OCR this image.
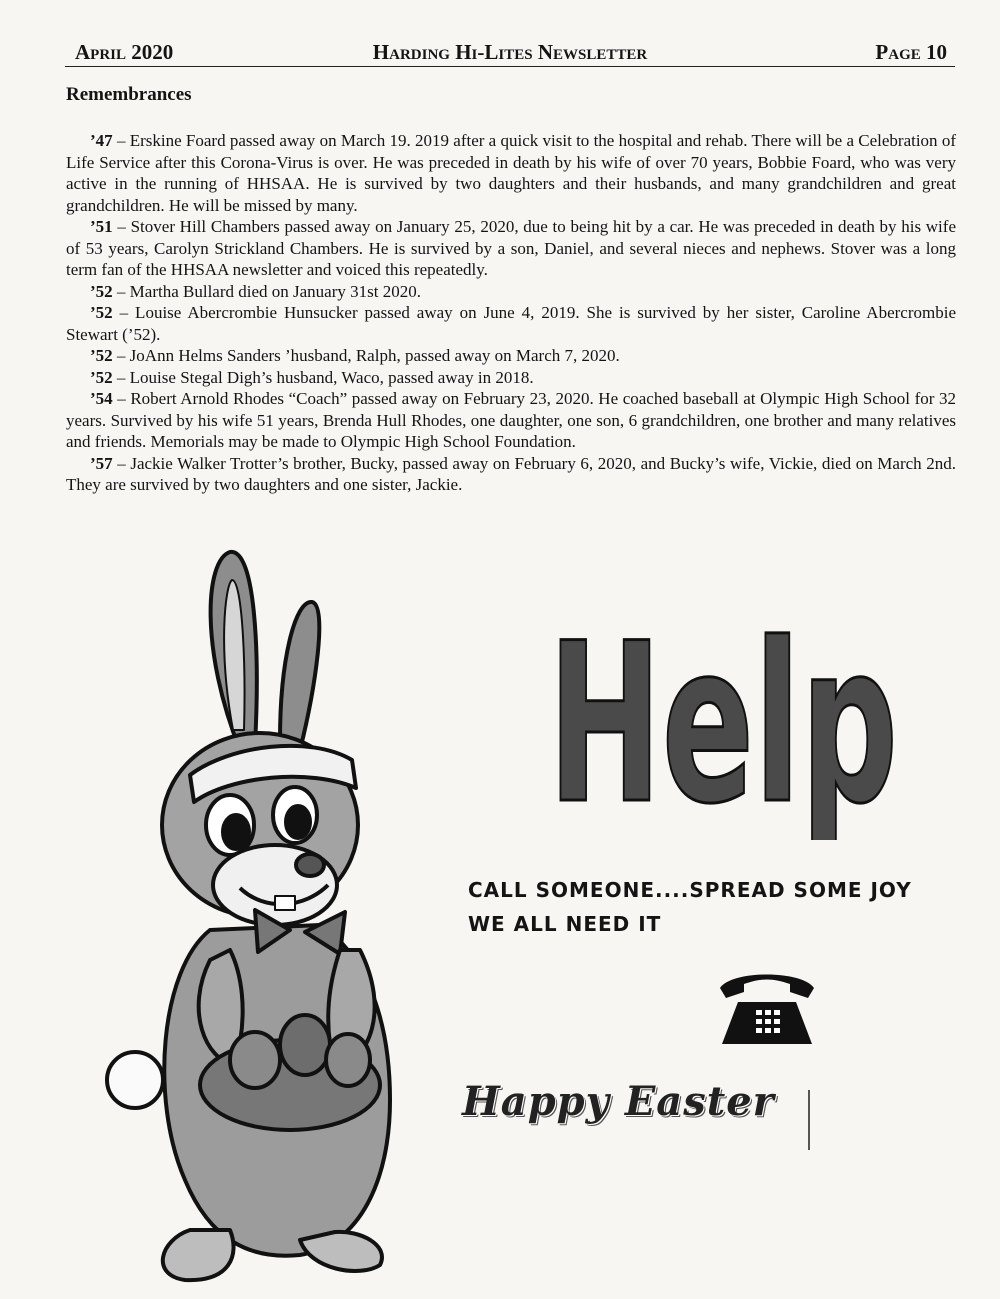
April 2020	Harding Hi-Lites Newsletter	Page 10
Remembrances

’47 – Erskine Foard passed away on March 19. 2019 after a quick visit to the hospital and rehab. There will be a Celebration of Life Service after this Corona-Virus is over. He was preceded in death by his wife of over 70 years, Bobbie Foard, who was very active in the running of HHSAA. He is survived by two daughters and their husbands, and many grandchildren and great grandchildren. He will be missed by many.

’51 – Stover Hill Chambers passed away on January 25, 2020, due to being hit by a car. He was preceded in death by his wife of 53 years, Carolyn Strickland Chambers. He is survived by a son, Daniel, and several nieces and nephews. Stover was a long term fan of the HHSAA newsletter and voiced this repeatedly.

’52 – Martha Bullard died on January 31st 2020.

’52 – Louise Abercrombie Hunsucker passed away on June 4, 2019. She is survived by her sister, Caroline Abercrombie Stewart (’52).

’52 – JoAnn Helms Sanders ’husband, Ralph, passed away on March 7, 2020.

’52 – Louise Stegal Digh’s husband, Waco, passed away in 2018.

’54 – Robert Arnold Rhodes “Coach” passed away on February 23, 2020. He coached baseball at Olympic High School for 32 years. Survived by his wife 51 years, Brenda Hull Rhodes, one daughter, one son, 6 grandchildren, one brother and many relatives and friends. Memorials may be made to Olympic High School Foundation.

’57 – Jackie Walker Trotter’s brother, Bucky, passed away on February 6, 2020, and Bucky’s wife, Vickie, died on March 2nd. They are survived by two daughters and one sister, Jackie.

Help
CALL SOMEONE....SPREAD SOME JOY
WE ALL NEED IT
Happy Easter
